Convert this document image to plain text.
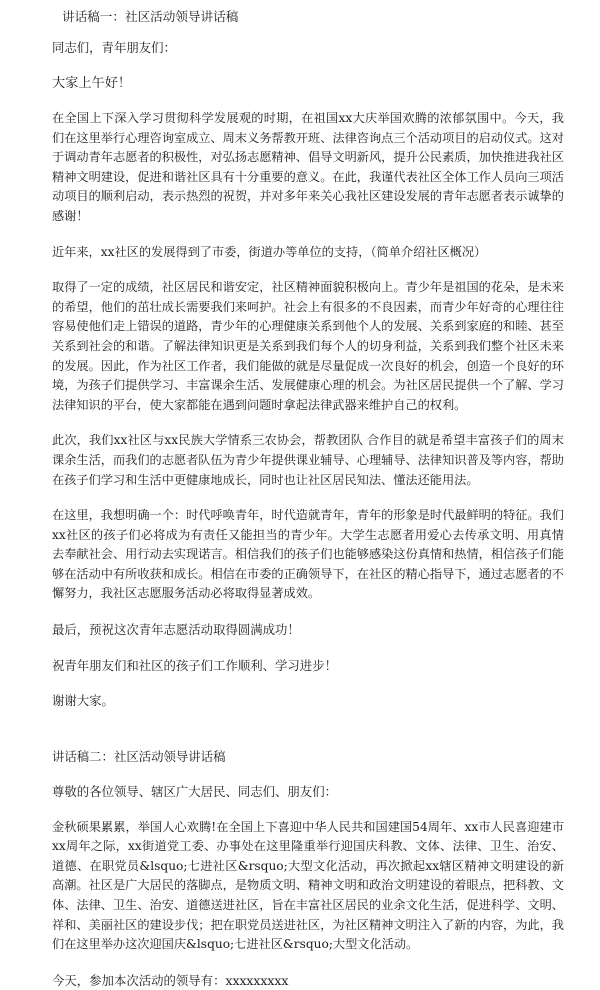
讲话稿一：社区活动领导讲话稿

同志们，青年朋友们：

大家上午好！

在全国上下深入学习贯彻科学发展观的时期，在祖国xx大庆举国欢腾的浓郁氛围中。今天，我们在这里举行心理咨询室成立、周末义务帮教开班、法律咨询点三个活动项目的启动仪式。这对于调动青年志愿者的积极性，对弘扬志愿精神、倡导文明新风，提升公民素质，加快推进我社区精神文明建设，促进和谐社区具有十分重要的意义。在此，我谨代表社区全体工作人员向三项活动项目的顺利启动，表示热烈的祝贺，并对多年来关心我社区建设发展的青年志愿者表示诚挚的感谢！

近年来，xx社区的发展得到了市委，街道办等单位的支持，（简单介绍社区概况）

取得了一定的成绩，社区居民和谐安定，社区精神面貌积极向上。青少年是祖国的花朵，是未来的希望，他们的茁壮成长需要我们来呵护。社会上有很多的不良因素，而青少年好奇的心理往往容易使他们走上错误的道路，青少年的心理健康关系到他个人的发展、关系到家庭的和睦、甚至关系到社会的和谐。了解法律知识更是关系到我们每个人的切身利益，关系到我们整个社区未来的发展。因此，作为社区工作者，我们能做的就是尽量促成一次良好的机会，创造一个良好的环境，为孩子们提供学习、丰富课余生活、发展健康心理的机会。为社区居民提供一个了解、学习法律知识的平台，使大家都能在遇到问题时拿起法律武器来维护自己的权利。

此次，我们xx社区与xx民族大学情系三农协会，帮教团队 合作目的就是希望丰富孩子们的周末课余生活，而我们的志愿者队伍为青少年提供课业辅导、心理辅导、法律知识普及等内容，帮助在孩子们学习和生活中更健康地成长，同时也让社区居民知法、懂法还能用法。

在这里，我想明确一个：时代呼唤青年，时代造就青年，青年的形象是时代最鲜明的特征。我们xx社区的孩子们必将成为有责任又能担当的青少年。大学生志愿者用爱心去传承文明、用真情去奉献社会、用行动去实现诺言。相信我们的孩子们也能够感染这份真情和热情，相信孩子们能够在活动中有所收获和成长。相信在市委的正确领导下，在社区的精心指导下，通过志愿者的不懈努力，我社区志愿服务活动必将取得显著成效。

最后，预祝这次青年志愿活动取得圆满成功！

祝青年朋友们和社区的孩子们工作顺利、学习进步！

谢谢大家。

讲话稿二：社区活动领导讲话稿

尊敬的各位领导、辖区广大居民、同志们、朋友们：

金秋硕果累累，举国人心欢腾!在全国上下喜迎中华人民共和国建国54周年、xx市人民喜迎建市xx周年之际，xx街道党工委、办事处在这里隆重举行迎国庆科教、文体、法律、卫生、治安、道德、在职党员&lsquo;七进社区&rsquo;大型文化活动，再次掀起xx辖区精神文明建设的新高潮。社区是广大居民的落脚点，是物质文明、精神文明和政治文明建设的着眼点，把科教、文体、法律、卫生、治安、道德送进社区，旨在丰富社区居民的业余文化生活，促进科学、文明、祥和、美丽社区的建设步伐；把在职党员送进社区，为社区精神文明注入了新的内容，为此，我们在这里举办这次迎国庆&lsquo;七进社区&rsquo;大型文化活动。

今天，参加本次活动的领导有：xxxxxxxxx
